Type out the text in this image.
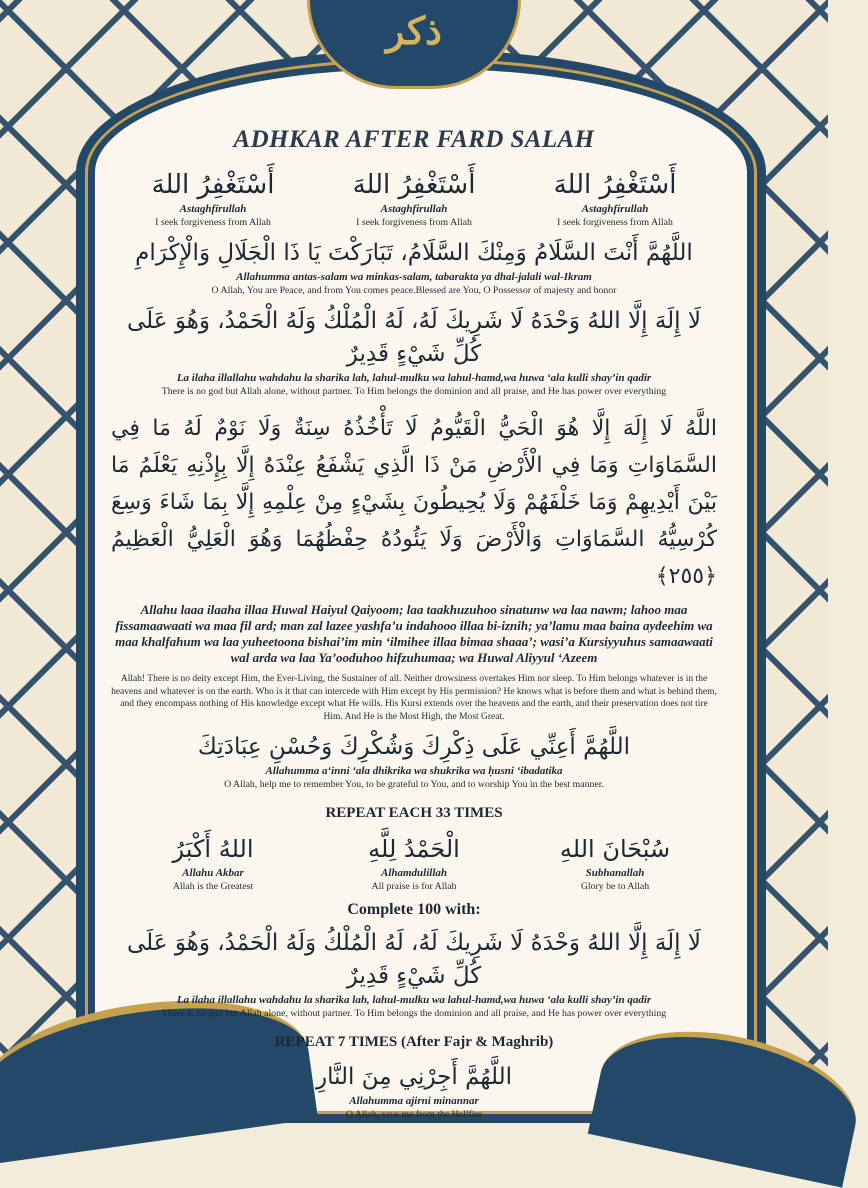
ذكر
ADHKAR AFTER FARD SALAH
أَسْتَغْفِرُ اللهَ
Astaghfirullah
I seek forgiveness from Allah
أَسْتَغْفِرُ اللهَ
Astaghfirullah
I seek forgiveness from Allah
أَسْتَغْفِرُ اللهَ
Astaghfirullah
I seek forgiveness from Allah
اللَّهُمَّ أَنْتَ السَّلَامُ وَمِنْكَ السَّلَامُ، تَبَارَكْتَ يَا ذَا الْجَلَالِ وَالْإِكْرَامِ
Allahumma antas-salam wa minkas-salam, tabarakta ya dhal-jalali wal-Ikram
O Allah, You are Peace, and from You comes peace.Blessed are You, O Possessor of majesty and honor
لَا إِلَهَ إِلَّا اللهُ وَحْدَهُ لَا شَرِيكَ لَهُ، لَهُ الْمُلْكُ وَلَهُ الْحَمْدُ، وَهُوَ عَلَى كُلِّ شَيْءٍ قَدِيرٌ
La ilaha illallahu wahdahu la sharika lah, lahul-mulku wa lahul-hamd,wa huwa ‘ala kulli shay’in qadir
There is no god but Allah alone, without partner. To Him belongs the dominion and all praise, and He has power over everything
اللَّهُ لَا إِلَهَ إِلَّا هُوَ الْحَيُّ الْقَيُّومُ لَا تَأْخُذُهُ سِنَةٌ وَلَا نَوْمٌ لَهُ مَا فِي السَّمَاوَاتِ وَمَا فِي الْأَرْضِ مَنْ ذَا الَّذِي يَشْفَعُ عِنْدَهُ إِلَّا بِإِذْنِهِ يَعْلَمُ مَا بَيْنَ أَيْدِيهِمْ وَمَا خَلْفَهُمْ وَلَا يُحِيطُونَ بِشَيْءٍ مِنْ عِلْمِهِ إِلَّا بِمَا شَاءَ وَسِعَ كُرْسِيُّهُ السَّمَاوَاتِ وَالْأَرْضَ وَلَا يَئُودُهُ حِفْظُهُمَا وَهُوَ الْعَلِيُّ الْعَظِيمُ ﴿٢٥٥﴾
Allahu laaa ilaaha illaa Huwal Haiyul Qaiyoom; laa taakhuzuhoo sinatunw wa laa nawm; lahoo maa fissamaawaati wa maa fil ard; man zal lazee yashfa’u indahooo illaa bi-iznih; ya’lamu maa baina aydeehim wa maa khalfahum wa laa yuheetoona bishai’im min ‘ilmihee illaa bimaa shaaa’; wasi’a Kursiyyuhus samaawaati wal arda wa laa Ya’ooduhoo hifzuhumaa; wa Huwal Aliyyul ‘Azeem
Allah! There is no deity except Him, the Ever-Living, the Sustainer of all. Neither drowsiness overtakes Him nor sleep. To Him belongs whatever is in the heavens and whatever is on the earth. Who is it that can intercede with Him except by His permission? He knows what is before them and what is behind them, and they encompass nothing of His knowledge except what He wills. His Kursi extends over the heavens and the earth, and their preservation does not tire Him. And He is the Most High, the Most Great.
اللَّهُمَّ أَعِنِّي عَلَى ذِكْرِكَ وَشُكْرِكَ وَحُسْنِ عِبَادَتِكَ
Allahumma a‘inni ‘ala dhikrika wa shukrika wa ḥusni ‘ibadatika
O Allah, help me to remember You, to be grateful to You, and to worship You in the best manner.
REPEAT EACH 33 TIMES
اللهُ أَكْبَرُ
Allahu Akbar
Allah is the Greatest
الْحَمْدُ لِلَّهِ
Alhamdulillah
All praise is for Allah
سُبْحَانَ اللهِ
Subhanallah
Glory be to Allah
Complete 100 with:
لَا إِلَهَ إِلَّا اللهُ وَحْدَهُ لَا شَرِيكَ لَهُ، لَهُ الْمُلْكُ وَلَهُ الْحَمْدُ، وَهُوَ عَلَى كُلِّ شَيْءٍ قَدِيرٌ
La ilaha illallahu wahdahu la sharika lah, lahul-mulku wa lahul-hamd,wa huwa ‘ala kulli shay’in qadir
There is no god but Allah alone, without partner. To Him belongs the dominion and all praise, and He has power over everything
REPEAT 7 TIMES (After Fajr & Maghrib)
اللَّهُمَّ أَجِرْنِي مِنَ النَّارِ
Allahumma ajirni minannar
O Allah, save me from the Hellfire
